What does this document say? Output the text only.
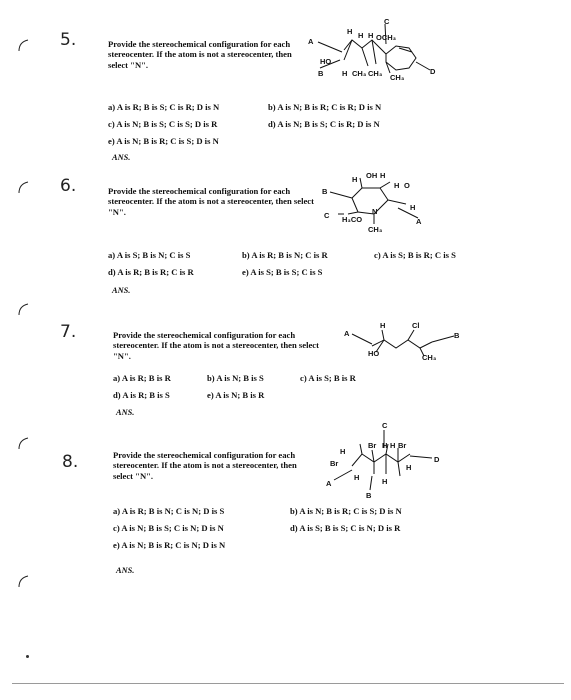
5.	Provide the stereochemical configuration for each stereocenter. If the atom is not a stereocenter, then select "N".
A
B
C
D
H H H OCH₃
HO
H CH₃ CH₃ CH₃
a) A is R; B is S; C is R; D is N	b) A is N; B is R; C is R; D is N
c) A is N; B is S; C is S; D is R	d) A is N; B is S; C is R; D is N
e) A is N; B is R; C is S; D is N
ANS.
6.	Provide the stereochemical configuration for each stereocenter. If the atom is not a stereocenter, then select "N".
B
C
A
H OH H
H O
H
H₃CO
N
CH₃
a) A is S; B is N; C is S	b) A is R; B is N; C is R	c) A is S; B is R; C is S
d) A is R; B is R; C is R	e) A is S; B is S; C is S
ANS.
7.	Provide the stereochemical configuration for each stereocenter. If the atom is not a stereocenter, then select "N".
A	B
H	Cl
HO	CH₃
a) A is R; B is R	b) A is N; B is S	c) A is S; B is R
d) A is R; B is S	e) A is N; B is R
ANS.
8.	Provide the stereochemical configuration for each stereocenter. If the atom is not a stereocenter, then select "N".
C
D
A
B
Br H H Br
H
Br	H
H	H
a) A is R; B is N; C is N; D is S	b) A is N; B is R; C is S; D is N
c) A is N; B is S; C is N; D is N	d) A is S; B is S; C is N; D is R
e) A is N; B is R; C is N; D is N
ANS.
